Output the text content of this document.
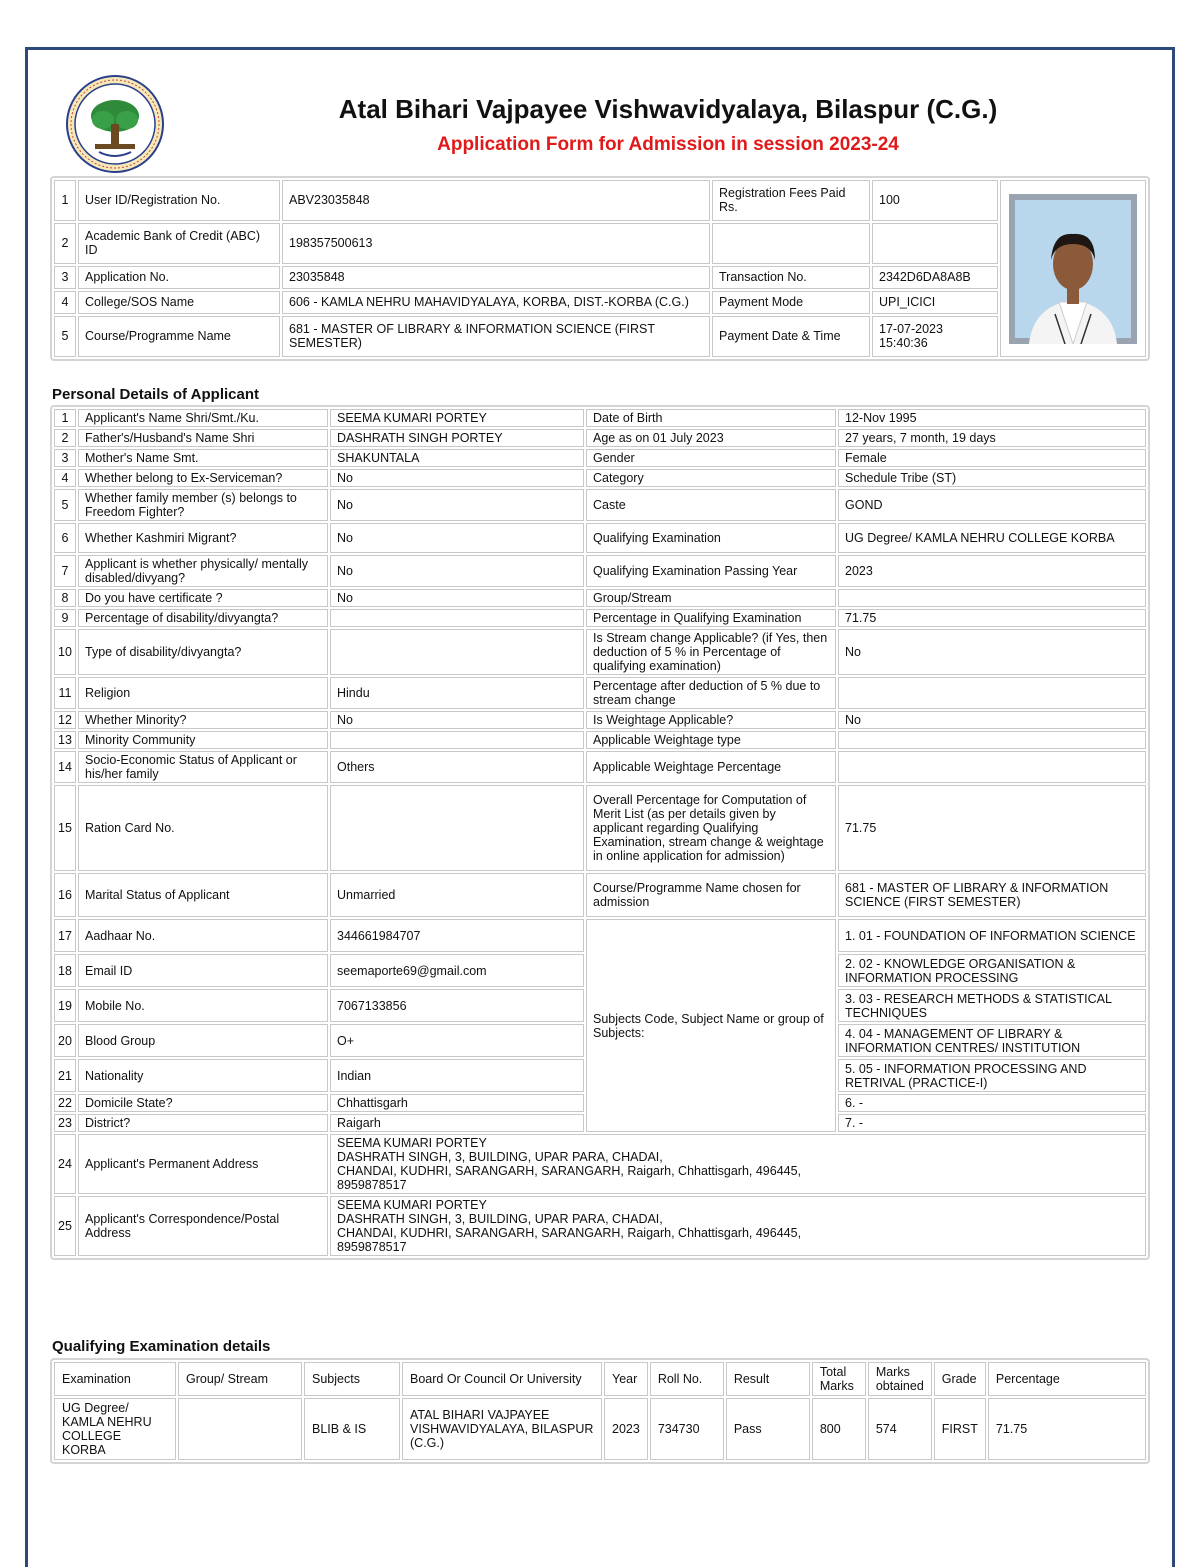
Atal Bihari Vajpayee Vishwavidyalaya, Bilaspur (C.G.)
Application Form for Admission in session 2023-24
1	User ID/Registration No.	ABV23035848	Registration Fees Paid Rs.	100	

2	Academic Bank of Credit (ABC) ID	198357500613			
3	Application No.	23035848	Transaction No.	2342D6DA8A8B	
4	College/SOS Name	606 - KAMLA NEHRU MAHAVIDYALAYA, KORBA, DIST.-KORBA (C.G.)	Payment Mode	UPI_ICICI	
5	Course/Programme Name	681 - MASTER OF LIBRARY & INFORMATION SCIENCE (FIRST SEMESTER)	Payment Date & Time	17-07-2023 15:40:36	
Personal Details of Applicant
1	Applicant's Name Shri/Smt./Ku.	SEEMA KUMARI PORTEY	Date of Birth	12-Nov 1995
2	Father's/Husband's Name Shri	DASHRATH SINGH PORTEY	Age as on 01 July 2023	27 years, 7 month, 19 days
3	Mother's Name Smt.	SHAKUNTALA	Gender	Female
4	Whether belong to Ex-Serviceman?	No	Category	Schedule Tribe (ST)
5	Whether family member (s) belongs to Freedom Fighter?	No	Caste	GOND
6	Whether Kashmiri Migrant?	No	Qualifying Examination	UG Degree/ KAMLA NEHRU COLLEGE KORBA
7	Applicant is whether physically/ mentally disabled/divyang?	No	Qualifying Examination Passing Year	2023
8	Do you have certificate ?	No	Group/Stream	
9	Percentage of disability/divyangta?		Percentage in Qualifying Examination	71.75
10	Type of disability/divyangta?		Is Stream change Applicable? (if Yes, then deduction of 5 % in Percentage of qualifying examination)	No
11	Religion	Hindu	Percentage after deduction of 5 % due to stream change	
12	Whether Minority?	No	Is Weightage Applicable?	No
13	Minority Community		Applicable Weightage type	
14	Socio-Economic Status of Applicant or his/her family	Others	Applicable Weightage Percentage	
15	Ration Card No.		Overall Percentage for Computation of Merit List (as per details given by applicant regarding Qualifying Examination, stream change & weightage in online application for admission)	71.75
16	Marital Status of Applicant	Unmarried	Course/Programme Name chosen for admission	681 - MASTER OF LIBRARY & INFORMATION SCIENCE (FIRST SEMESTER)
17	Aadhaar No.	344661984707	Subjects Code, Subject Name or group of Subjects:	1. 01 - FOUNDATION OF INFORMATION SCIENCE
18	Email ID	seemaporte69@gmail.com		2. 02 - KNOWLEDGE ORGANISATION & INFORMATION PROCESSING
19	Mobile No.	7067133856		3. 03 - RESEARCH METHODS & STATISTICAL TECHNIQUES
20	Blood Group	O+		4. 04 - MANAGEMENT OF LIBRARY & INFORMATION CENTRES/ INSTITUTION
21	Nationality	Indian		5. 05 - INFORMATION PROCESSING AND RETRIVAL (PRACTICE-I)
22	Domicile State?	Chhattisgarh		6. -
23	District?	Raigarh		7. -
24	Applicant's Permanent Address	SEEMA KUMARI PORTEY
DASHRATH SINGH, 3, BUILDING, UPAR PARA, CHADAI,
CHANDAI, KUDHRI, SARANGARH, SARANGARH, Raigarh, Chhattisgarh, 496445,
8959878517		

25	Applicant's Correspondence/Postal Address	SEEMA KUMARI PORTEY
DASHRATH SINGH, 3, BUILDING, UPAR PARA, CHADAI,
CHANDAI, KUDHRI, SARANGARH, SARANGARH, Raigarh, Chhattisgarh, 496445,
8959878517		
Qualifying Examination details
Examination	Group/ Stream	Subjects	Board Or Council Or University	Year	Roll No.	Result	Total Marks	Marks obtained	Grade	Percentage
UG Degree/ KAMLA NEHRU COLLEGE KORBA		BLIB & IS	ATAL BIHARI VAJPAYEE VISHWAVIDYALAYA, BILASPUR (C.G.)	2023	734730	Pass	800	574	FIRST	71.75
